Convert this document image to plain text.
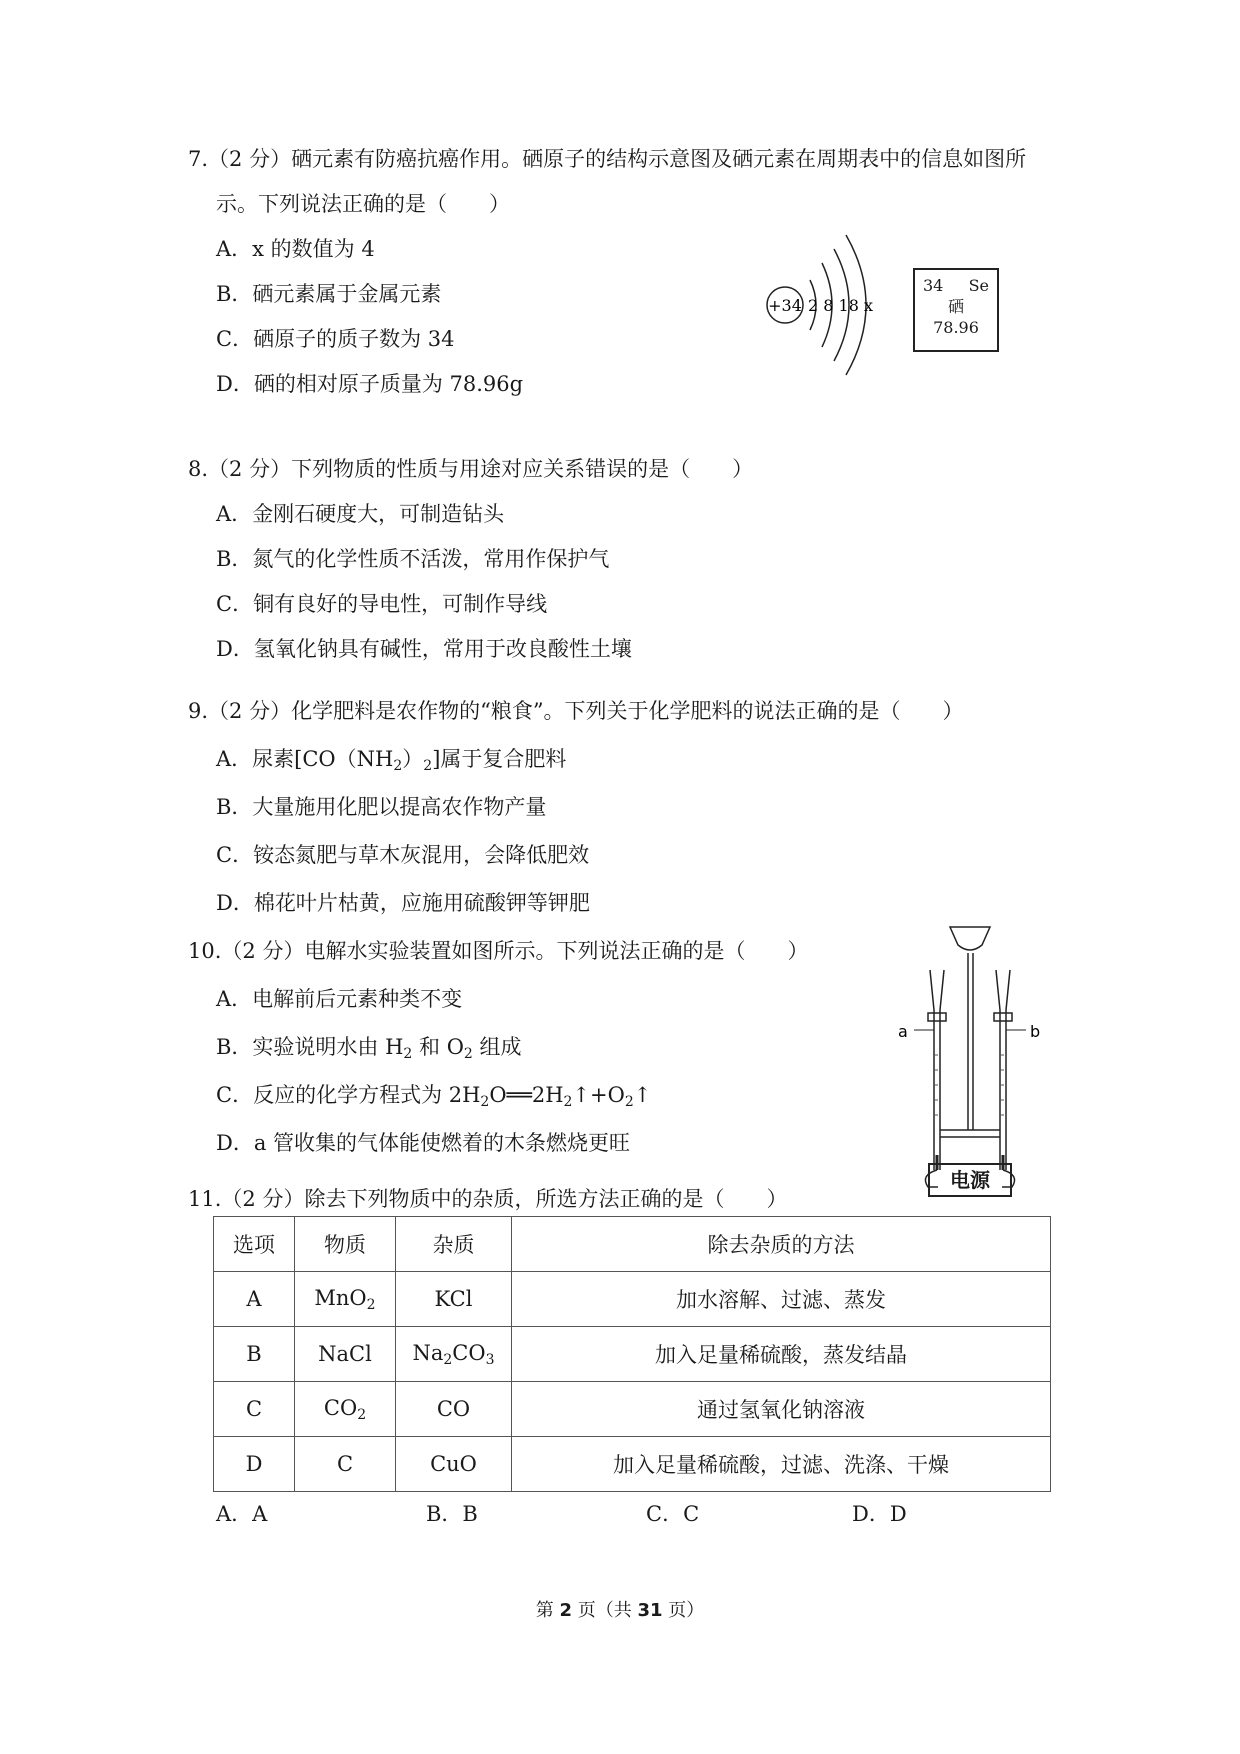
7.（2 分）硒元素有防癌抗癌作用。硒原子的结构示意图及硒元素在周期表中的信息如图所
示。下列说法正确的是（　　）
A．x 的数值为 4
B．硒元素属于金属元素
C．硒原子的质子数为 34
D．硒的相对原子质量为 78.96g
+34 2 8 18 x
34 Se
硒
78.96
8.（2 分）下列物质的性质与用途对应关系错误的是（　　）
A．金刚石硬度大，可制造钻头
B．氮气的化学性质不活泼，常用作保护气
C．铜有良好的导电性，可制作导线
D．氢氧化钠具有碱性，常用于改良酸性土壤
9.（2 分）化学肥料是农作物的“粮食”。下列关于化学肥料的说法正确的是（　　）
A．尿素$[CO(NH_2)_2]$属于复合肥料
B．大量施用化肥以提高农作物产量
C．铵态氮肥与草木灰混用，会降低肥效
D．棉花叶片枯黄，应施用硫酸钾等钾肥
10.（2 分）电解水实验装置如图所示。下列说法正确的是（　　）
A．电解前后元素种类不变
B．实验说明水由 $H_2$ 和 $O_2$ 组成
C．反应的化学方程式为 $2H_2O══2H_2↑+O_2↑$
D．a 管收集的气体能使燃着的木条燃烧更旺
a	b
电源
11.（2 分）除去下列物质中的杂质，所选方法正确的是（　　）
选项	物质	杂质	除去杂质的方法
A	MnO$_2$	KCl	加水溶解、过滤、蒸发
B	NaCl	$Na_2CO_3$	加入足量稀硫酸，蒸发结晶
C	$CO_2$	CO	通过氢氧化钠溶液
D	C	CuO	加入足量稀硫酸，过滤、洗涤、干燥
A．A	B．B	C．C	D．D
第 2 页（共 31 页）
